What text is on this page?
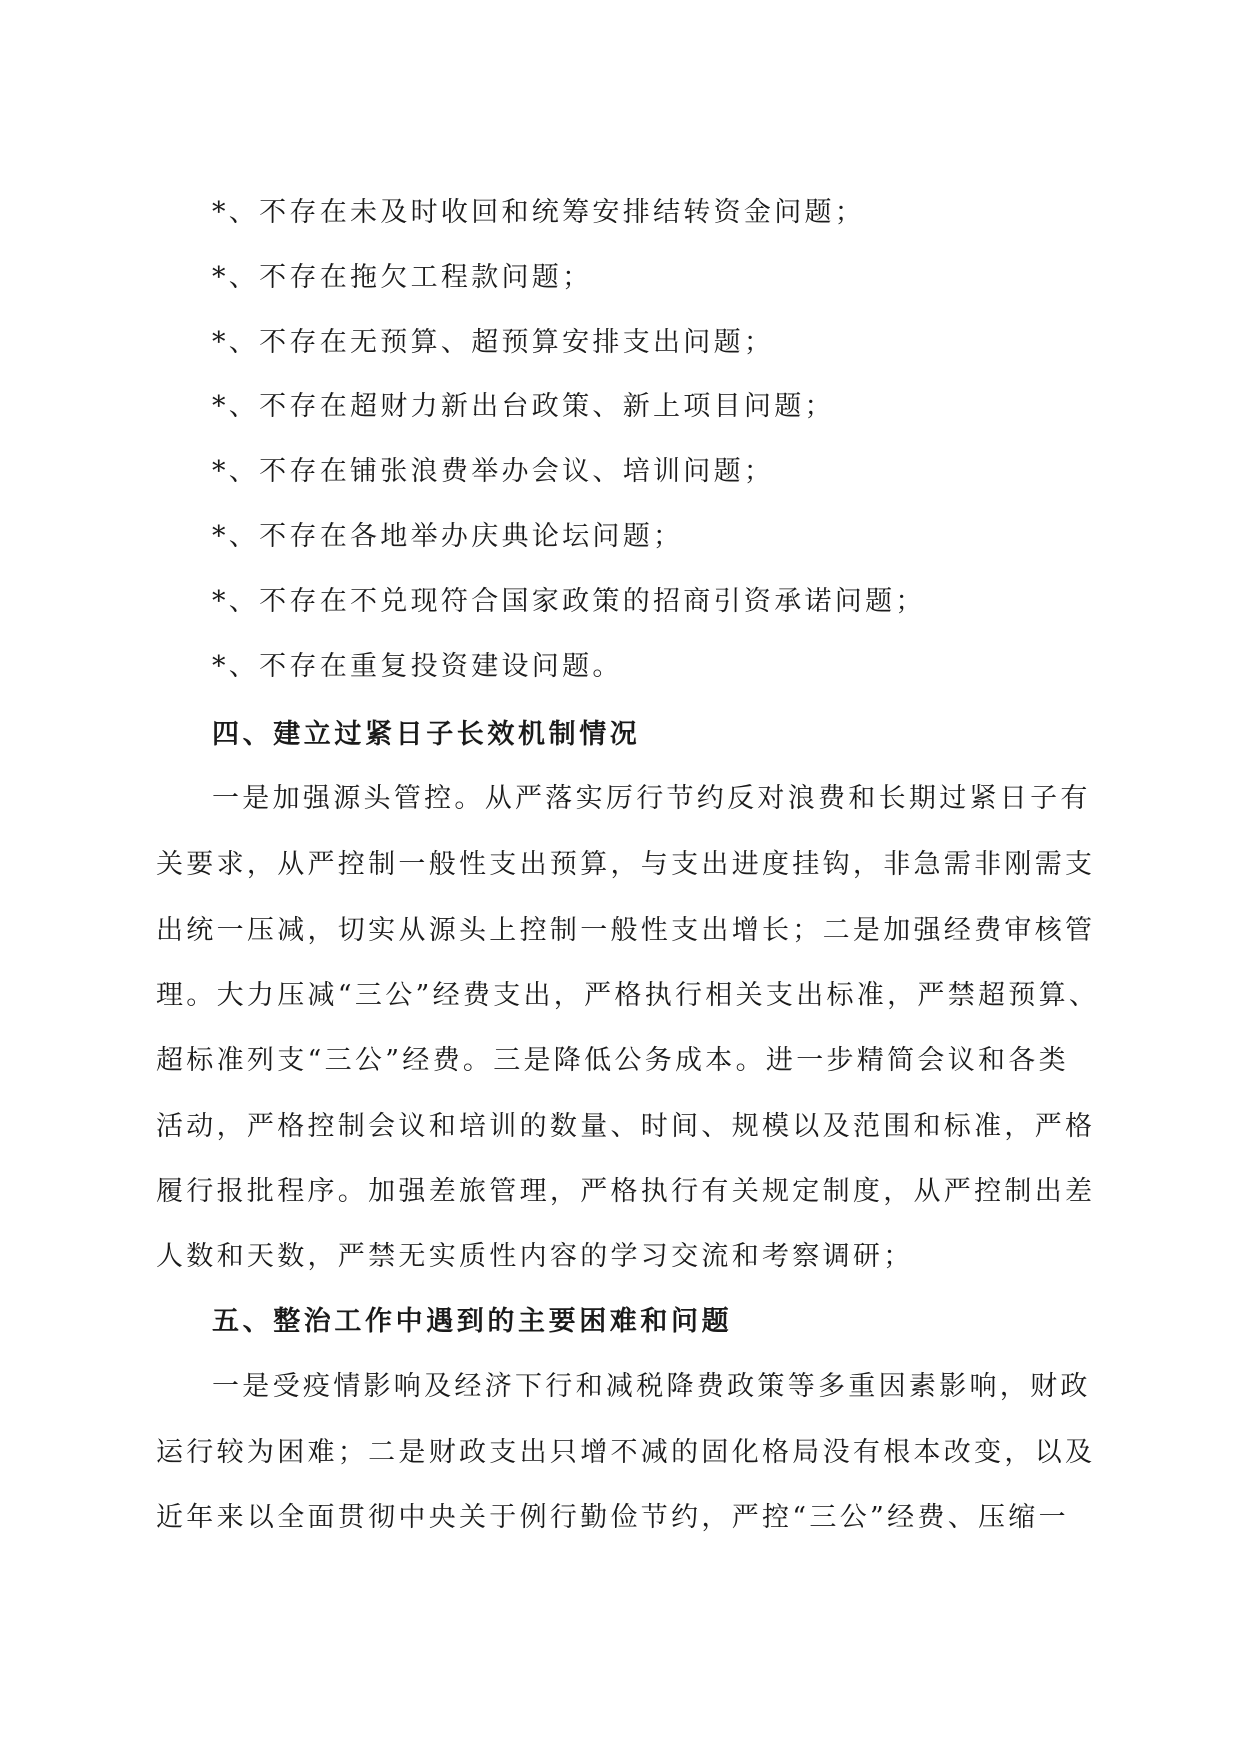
*、不存在未及时收回和统筹安排结转资金问题；
*、不存在拖欠工程款问题；
*、不存在无预算、超预算安排支出问题；
*、不存在超财力新出台政策、新上项目问题；
*、不存在铺张浪费举办会议、培训问题；
*、不存在各地举办庆典论坛问题；
*、不存在不兑现符合国家政策的招商引资承诺问题；
*、不存在重复投资建设问题。
四、建立过紧日子长效机制情况
一是加强源头管控。从严落实厉行节约反对浪费和长期过紧日子有
关要求，从严控制一般性支出预算，与支出进度挂钩，非急需非刚需支
出统一压减，切实从源头上控制一般性支出增长；二是加强经费审核管
理。大力压减“三公”经费支出，严格执行相关支出标准，严禁超预算、
超标准列支“三公”经费。三是降低公务成本。进一步精简会议和各类
活动，严格控制会议和培训的数量、时间、规模以及范围和标准，严格
履行报批程序。加强差旅管理，严格执行有关规定制度，从严控制出差
人数和天数，严禁无实质性内容的学习交流和考察调研；
五、整治工作中遇到的主要困难和问题
一是受疫情影响及经济下行和减税降费政策等多重因素影响，财政
运行较为困难；二是财政支出只增不减的固化格局没有根本改变，以及
近年来以全面贯彻中央关于例行勤俭节约，严控“三公”经费、压缩一
